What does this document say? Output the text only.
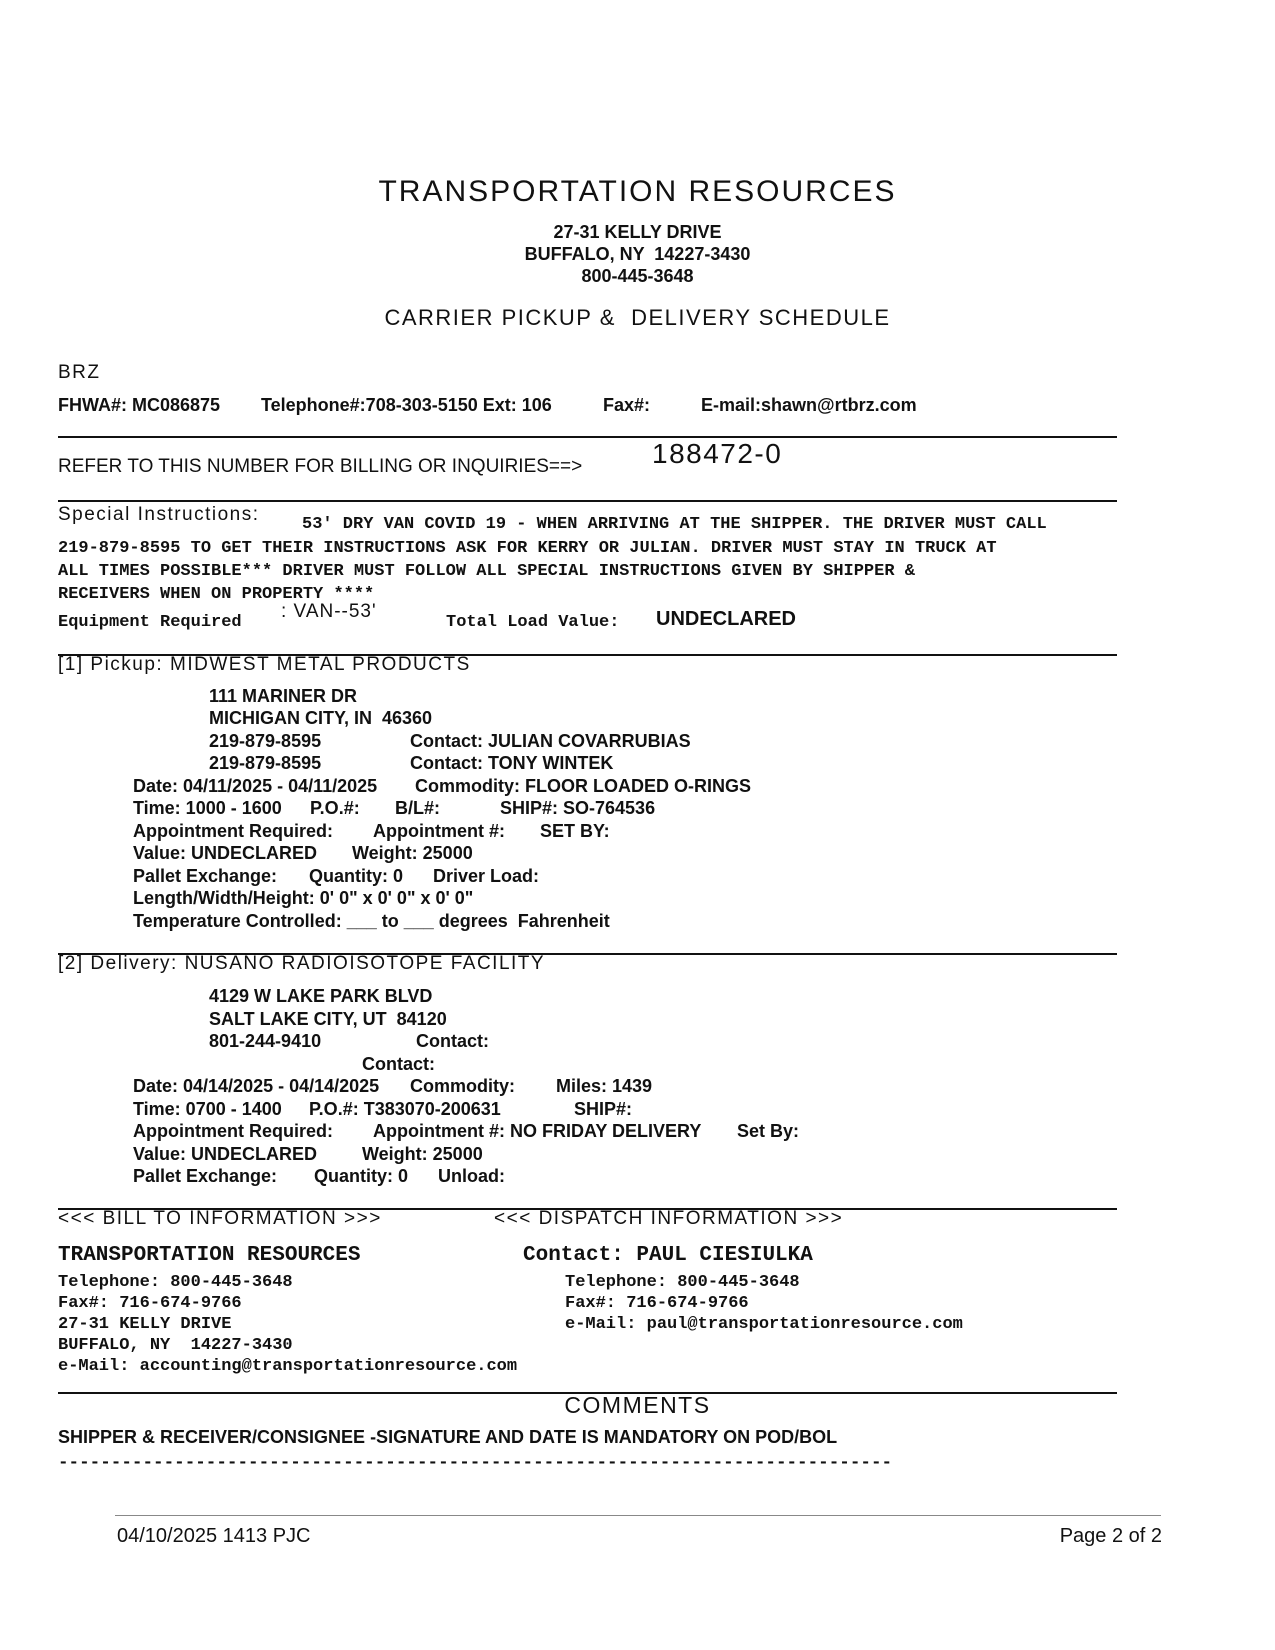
TRANSPORTATION RESOURCES
27-31 KELLY DRIVE
BUFFALO, NY  14227-3430
800-445-3648
CARRIER PICKUP &  DELIVERY SCHEDULE
BRZ
FHWA#: MC086875 Telephone#:708-303-5150 Ext: 106	Fax#:	E-mail:shawn@rtbrz.com
REFER TO THIS NUMBER FOR BILLING OR INQUIRIES==> 188472-0
Special Instructions: 53' DRY VAN COVID 19 - WHEN ARRIVING AT THE SHIPPER. THE DRIVER MUST CALL
219-879-8595 TO GET THEIR INSTRUCTIONS ASK FOR KERRY OR JULIAN. DRIVER MUST STAY IN TRUCK AT
ALL TIMES POSSIBLE*** DRIVER MUST FOLLOW ALL SPECIAL INSTRUCTIONS GIVEN BY SHIPPER &
RECEIVERS WHEN ON PROPERTY ****
Equipment Required
: VAN--53'
Total Load Value: UNDECLARED
[1] Pickup: MIDWEST METAL PRODUCTS
111 MARINER DR
MICHIGAN CITY, IN  46360
219-879-8595	Contact: JULIAN COVARRUBIAS
219-879-8595	Contact: TONY WINTEK
Date: 04/11/2025 - 04/11/2025 Commodity: FLOOR LOADED O-RINGS
Time: 1000 - 1600 P.O.#: B/L#:	SHIP#: SO-764536
Appointment Required: Appointment #: SET BY:
Value: UNDECLARED Weight: 25000
Pallet Exchange: Quantity: 0 Driver Load:
Length/Width/Height: 0' 0" x 0' 0" x 0' 0"
Temperature Controlled: ___ to ___ degrees  Fahrenheit
[2] Delivery: NUSANO RADIOISOTOPE FACILITY
4129 W LAKE PARK BLVD
SALT LAKE CITY, UT  84120
801-244-9410	Contact:
Contact:
Date: 04/14/2025 - 04/14/2025 Commodity: Miles: 1439
Time: 0700 - 1400 P.O.#: T383070-200631	SHIP#:
Appointment Required: Appointment #: NO FRIDAY DELIVERY Set By:
Value: UNDECLARED Weight: 25000
Pallet Exchange: Quantity: 0 Unload:
<<< BILL TO INFORMATION >>>	<<< DISPATCH INFORMATION >>>
TRANSPORTATION RESOURCES
Telephone: 800-445-3648
Fax#: 716-674-9766
27-31 KELLY DRIVE
BUFFALO, NY  14227-3430
e-Mail: accounting@transportationresource.com
Contact: PAUL CIESIULKA
Telephone: 800-445-3648
Fax#: 716-674-9766
e-Mail: paul@transportationresource.com
COMMENTS
SHIPPER & RECEIVER/CONSIGNEE -SIGNATURE AND DATE IS MANDATORY ON POD/BOL
-------------------------------------------------------------------------------
04/10/2025 1413 PJC	Page 2 of 2
